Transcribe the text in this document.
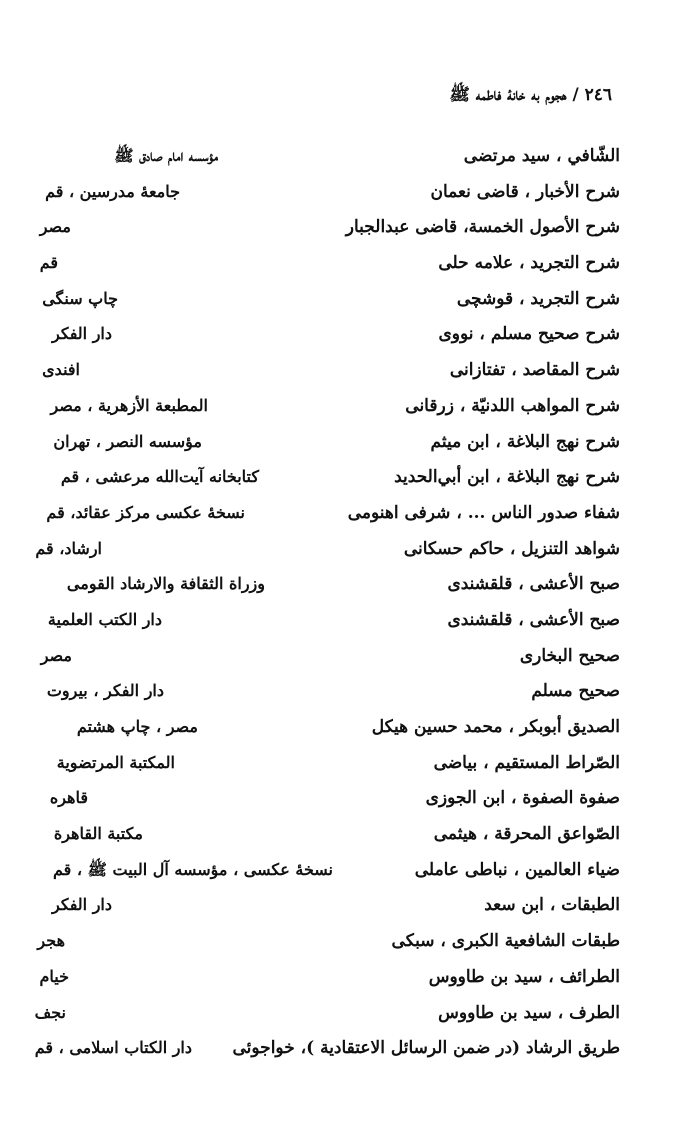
٢٤٦ / هجوم به خانهٔ فاطمه ﷺ
الشّافي ، سيد مرتضى
مؤسسه امام صادق ﷺ
شرح الأخبار ، قاضى نعمان
جامعهٔ مدرسين ، قم
شرح الأصول الخمسة، قاضى عبدالجبار
مصر
شرح التجريد ، علامه حلى
قم
شرح التجريد ، قوشچى
چاپ سنگى
شرح صحيح مسلم ، نووى
دار الفكر
شرح المقاصد ، تفتازانى
افندى
شرح المواهب اللدنيّة ، زرقانى
المطبعة الأزهرية ، مصر
شرح نهج البلاغة ، ابن ميثم
مؤسسه النصر ، تهران
شرح نهج البلاغة ، ابن أبي‌الحديد
كتابخانه آيت‌الله مرعشى ، قم
شفاء صدور الناس ... ، شرفى اهنومى
نسخهٔ عكسى مركز عقائد، قم
شواهد التنزيل ، حاكم حسكانى
ارشاد، قم
صبح الأعشى ، قلقشندى
وزراة الثقافة والارشاد القومى
صبح الأعشى ، قلقشندى
دار الكتب العلمية
صحيح البخارى
مصر
صحيح مسلم
دار الفكر ، بيروت
الصديق أبوبكر ، محمد حسين هيكل
مصر ، چاپ هشتم
الصّراط المستقيم ، بياضى
المكتبة المرتضوية
صفوة الصفوة ، ابن الجوزى
قاهره
الصّواعق المحرقة ، هيثمى
مكتبة القاهرة
ضياء العالمين ، نباطى عاملى
نسخهٔ عكسى ، مؤسسه آل البيت ﷺ ، قم
الطبقات ، ابن سعد
دار الفكر
طبقات الشافعية الكبرى ، سبكى
هجر
الطرائف ، سيد بن طاووس
خيام
الطرف ، سيد بن طاووس
نجف
طريق الرشاد (در ضمن الرسائل الاعتقادية )، خواجوئى
دار الكتاب اسلامى ، قم
